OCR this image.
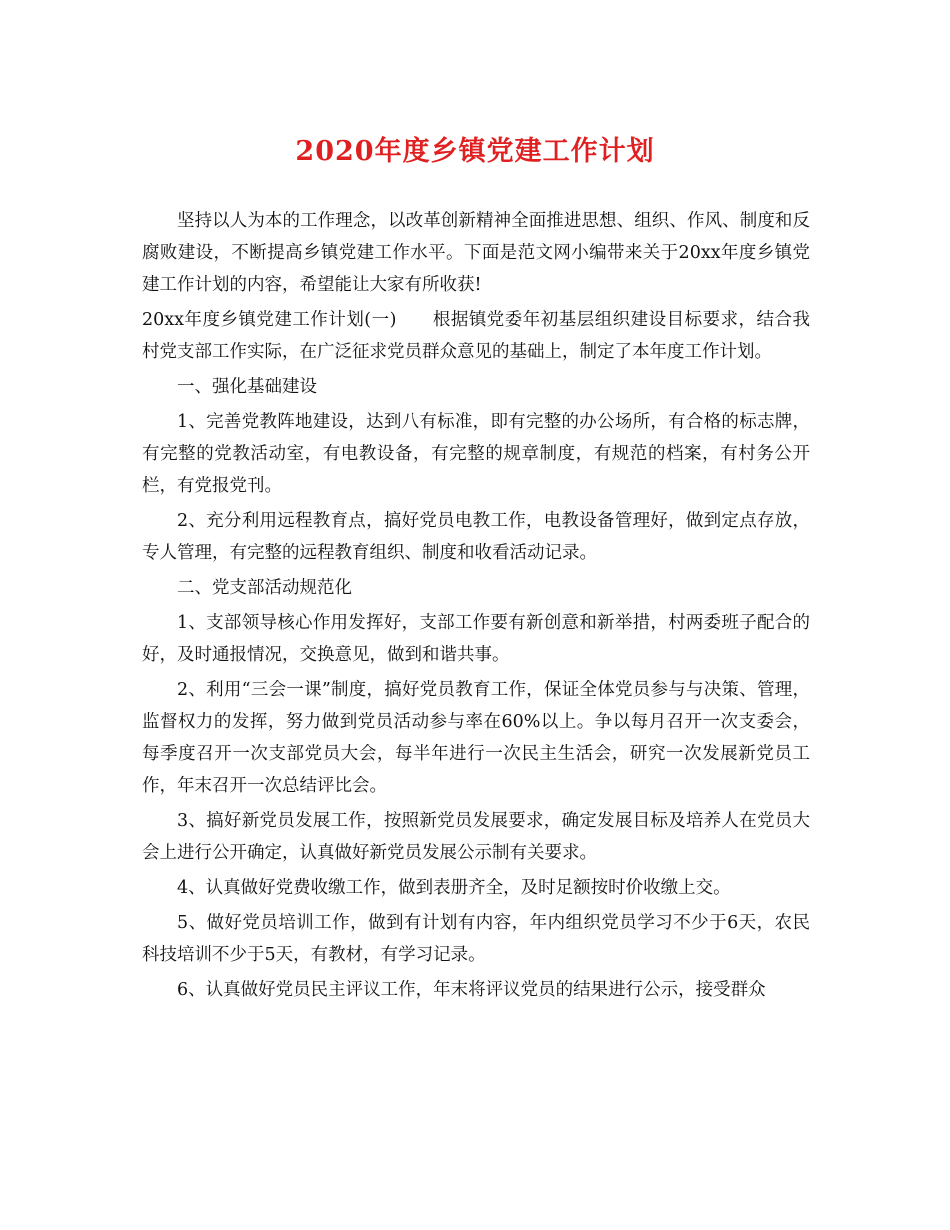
2020年度乡镇党建工作计划

坚持以人为本的工作理念，以改革创新精神全面推进思想、组织、作风、制度和反腐败建设，不断提高乡镇党建工作水平。下面是范文网小编带来关于20xx年度乡镇党建工作计划的内容，希望能让大家有所收获!

20xx年度乡镇党建工作计划(一)　　根据镇党委年初基层组织建设目标要求，结合我村党支部工作实际，在广泛征求党员群众意见的基础上，制定了本年度工作计划。

一、强化基础建设

1、完善党教阵地建设，达到八有标准，即有完整的办公场所，有合格的标志牌，有完整的党教活动室，有电教设备，有完整的规章制度，有规范的档案，有村务公开栏，有党报党刊。

2、充分利用远程教育点，搞好党员电教工作，电教设备管理好，做到定点存放，专人管理，有完整的远程教育组织、制度和收看活动记录。

二、党支部活动规范化

1、支部领导核心作用发挥好，支部工作要有新创意和新举措，村两委班子配合的好，及时通报情况，交换意见，做到和谐共事。

2、利用“三会一课”制度，搞好党员教育工作，保证全体党员参与与决策、管理，监督权力的发挥，努力做到党员活动参与率在60%以上。争以每月召开一次支委会，每季度召开一次支部党员大会，每半年进行一次民主生活会，研究一次发展新党员工作，年末召开一次总结评比会。

3、搞好新党员发展工作，按照新党员发展要求，确定发展目标及培养人在党员大会上进行公开确定，认真做好新党员发展公示制有关要求。

4、认真做好党费收缴工作，做到表册齐全，及时足额按时价收缴上交。

5、做好党员培训工作，做到有计划有内容，年内组织党员学习不少于6天，农民科技培训不少于5天，有教材，有学习记录。

6、认真做好党员民主评议工作，年末将评议党员的结果进行公示，接受群众
